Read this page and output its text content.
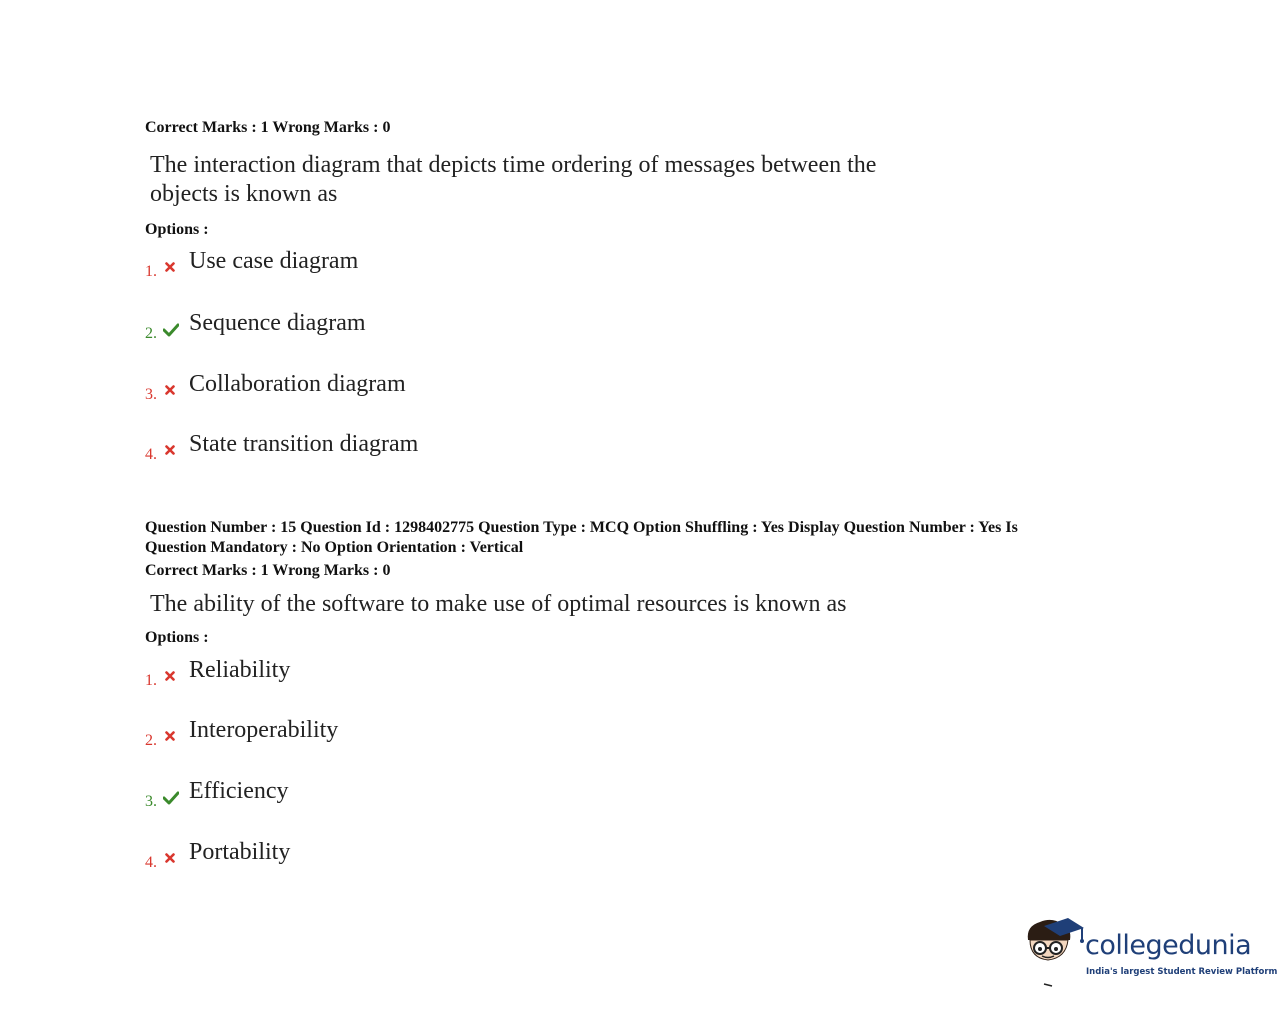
Correct Marks : 1 Wrong Marks : 0
The interaction diagram that depicts time ordering of messages between the
objects is known as
Options :
1. Use case diagram
2. Sequence diagram
3. Collaboration diagram
4. State transition diagram
Question Number : 15 Question Id : 1298402775 Question Type : MCQ Option Shuffling : Yes Display Question Number : Yes Is
Question Mandatory : No Option Orientation : Vertical
Correct Marks : 1 Wrong Marks : 0
The ability of the software to make use of optimal resources is known as
Options :
1. Reliability
2. Interoperability
3. Efficiency
4. Portability
collegedunia
India's largest Student Review Platform
